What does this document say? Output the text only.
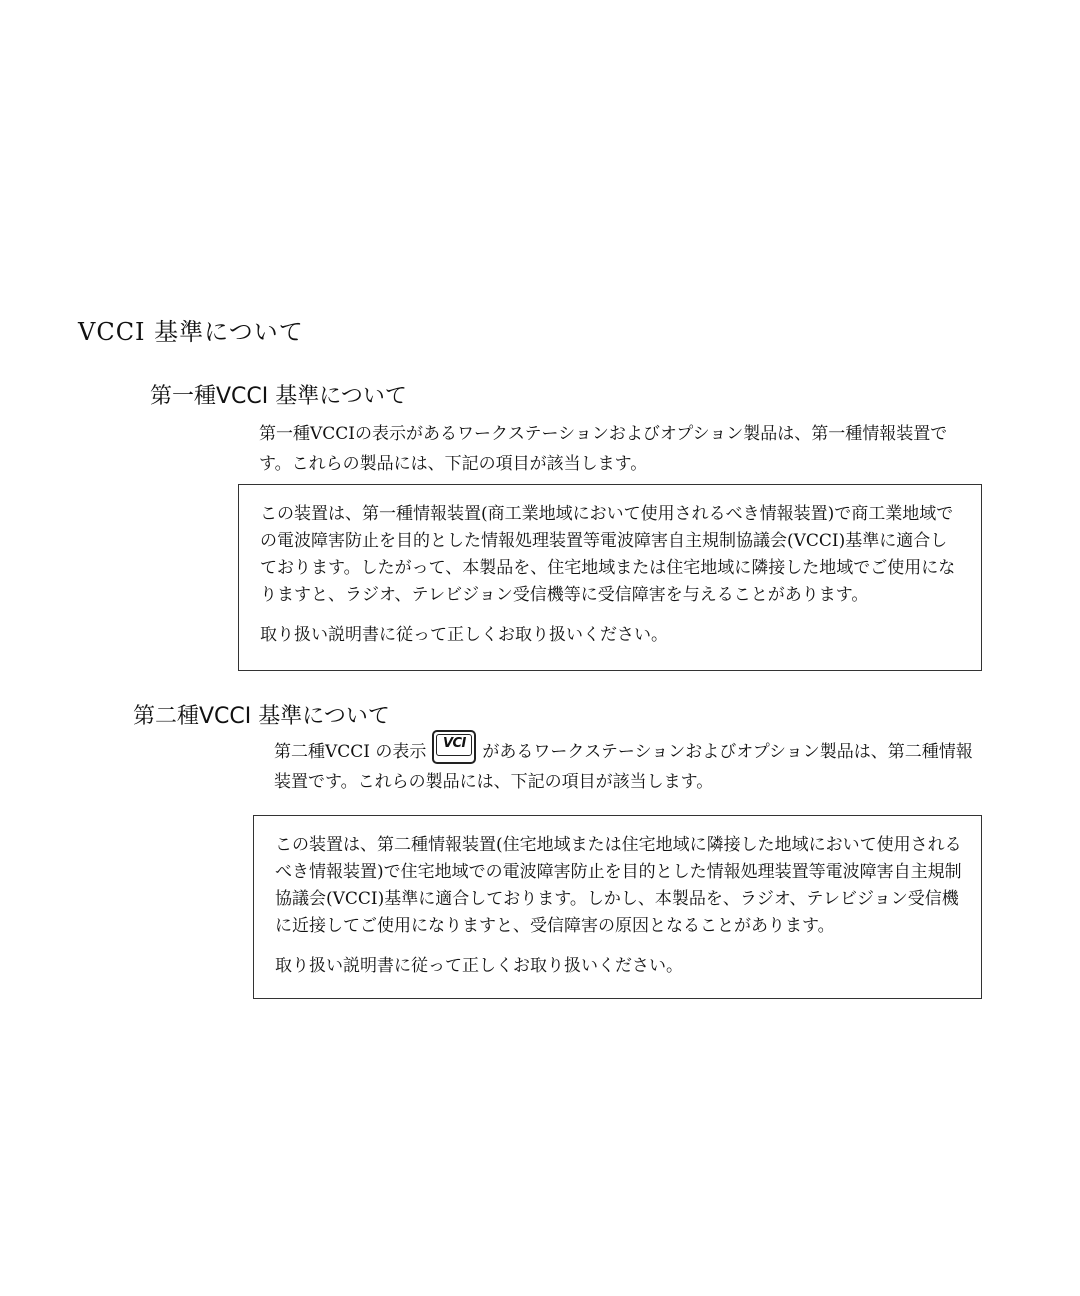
VCCI 基準について
第一種VCCI 基準について
第一種VCCIの表示があるワークステーションおよびオプション製品は、第一種情報装置です。これらの製品には、下記の項目が該当します。

この装置は、第一種情報装置(商工業地域において使用されるべき情報装置)で商工業地域での電波障害防止を目的とした情報処理装置等電波障害自主規制協議会(VCCI)基準に適合しております。したがって、本製品を、住宅地域または住宅地域に隣接した地域でご使用になりますと、ラジオ、テレビジョン受信機等に受信障害を与えることがあります。

取り扱い説明書に従って正しくお取り扱いください。

第二種VCCI 基準について
第二種VCCI の表示	VCI があるワークステーションおよびオプション製品は、第二種情報装置です。これらの製品には、下記の項目が該当します。

この装置は、第二種情報装置(住宅地域または住宅地域に隣接した地域において使用されるべき情報装置)で住宅地域での電波障害防止を目的とした情報処理装置等電波障害自主規制協議会(VCCI)基準に適合しております。しかし、本製品を、ラジオ、テレビジョン受信機に近接してご使用になりますと、受信障害の原因となることがあります。

取り扱い説明書に従って正しくお取り扱いください。
